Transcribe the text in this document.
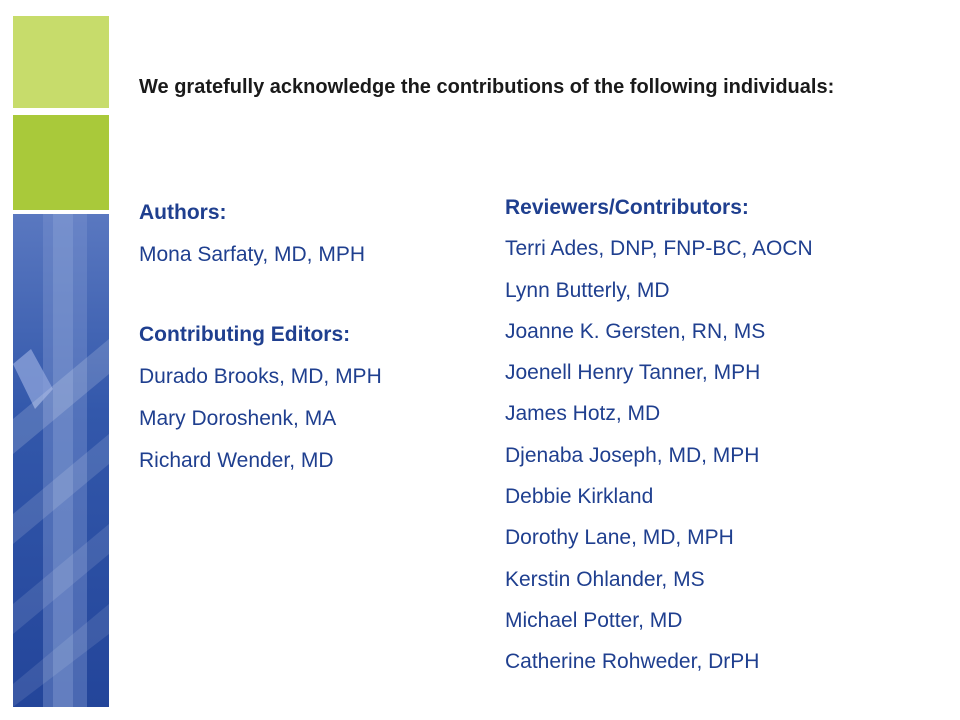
We gratefully acknowledge the contributions of the following individuals:

Authors:
Mona Sarfaty, MD, MPH
Contributing Editors:
Durado Brooks, MD, MPH
Mary Doroshenk, MA
Richard Wender, MD
Reviewers/Contributors:
Terri Ades, DNP, FNP-BC, AOCN
Lynn Butterly, MD
Joanne K. Gersten, RN, MS
Joenell Henry Tanner, MPH
James Hotz, MD
Djenaba Joseph, MD, MPH
Debbie Kirkland
Dorothy Lane, MD, MPH
Kerstin Ohlander, MS
Michael Potter, MD
Catherine Rohweder, DrPH
